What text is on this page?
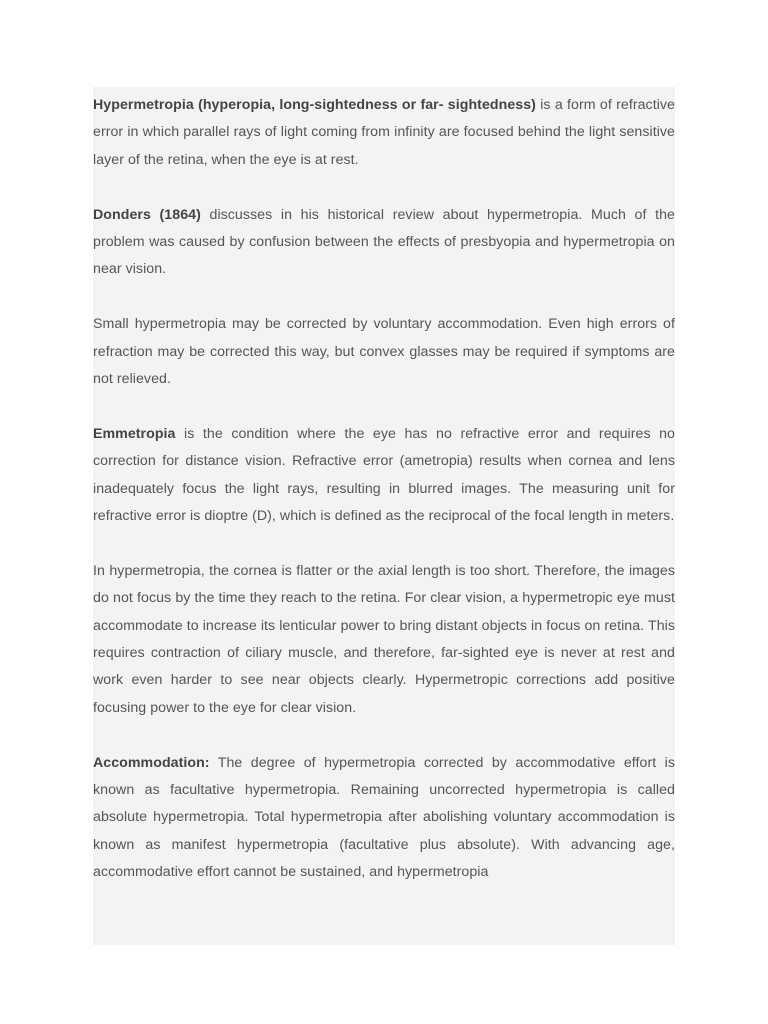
Hypermetropia (hyperopia, long-sightedness or far- sightedness) is a form of refractive error in which parallel rays of light coming from infinity are focused behind the light sensitive layer of the retina, when the eye is at rest.

Donders (1864) discusses in his historical review about hypermetropia. Much of the problem was caused by confusion between the effects of presbyopia and hypermetropia on near vision.

Small hypermetropia may be corrected by voluntary accommodation. Even high errors of refraction may be corrected this way, but convex glasses may be required if symptoms are not relieved.

Emmetropia is the condition where the eye has no refractive error and requires no correction for distance vision. Refractive error (ametropia) results when cornea and lens inadequately focus the light rays, resulting in blurred images. The measuring unit for refractive error is dioptre (D), which is defined as the reciprocal of the focal length in meters.

In hypermetropia, the cornea is flatter or the axial length is too short. Therefore, the images do not focus by the time they reach to the retina. For clear vision, a hypermetropic eye must accommodate to increase its lenticular power to bring distant objects in focus on retina. This requires contraction of ciliary muscle, and therefore, far-sighted eye is never at rest and work even harder to see near objects clearly. Hypermetropic corrections add positive focusing power to the eye for clear vision.

Accommodation: The degree of hypermetropia corrected by accommodative effort is known as facultative hypermetropia. Remaining uncorrected hypermetropia is called absolute hypermetropia. Total hypermetropia after abolishing voluntary accommodation is known as manifest hypermetropia (facultative plus absolute). With advancing age, accommodative effort cannot be sustained, and hypermetropia
